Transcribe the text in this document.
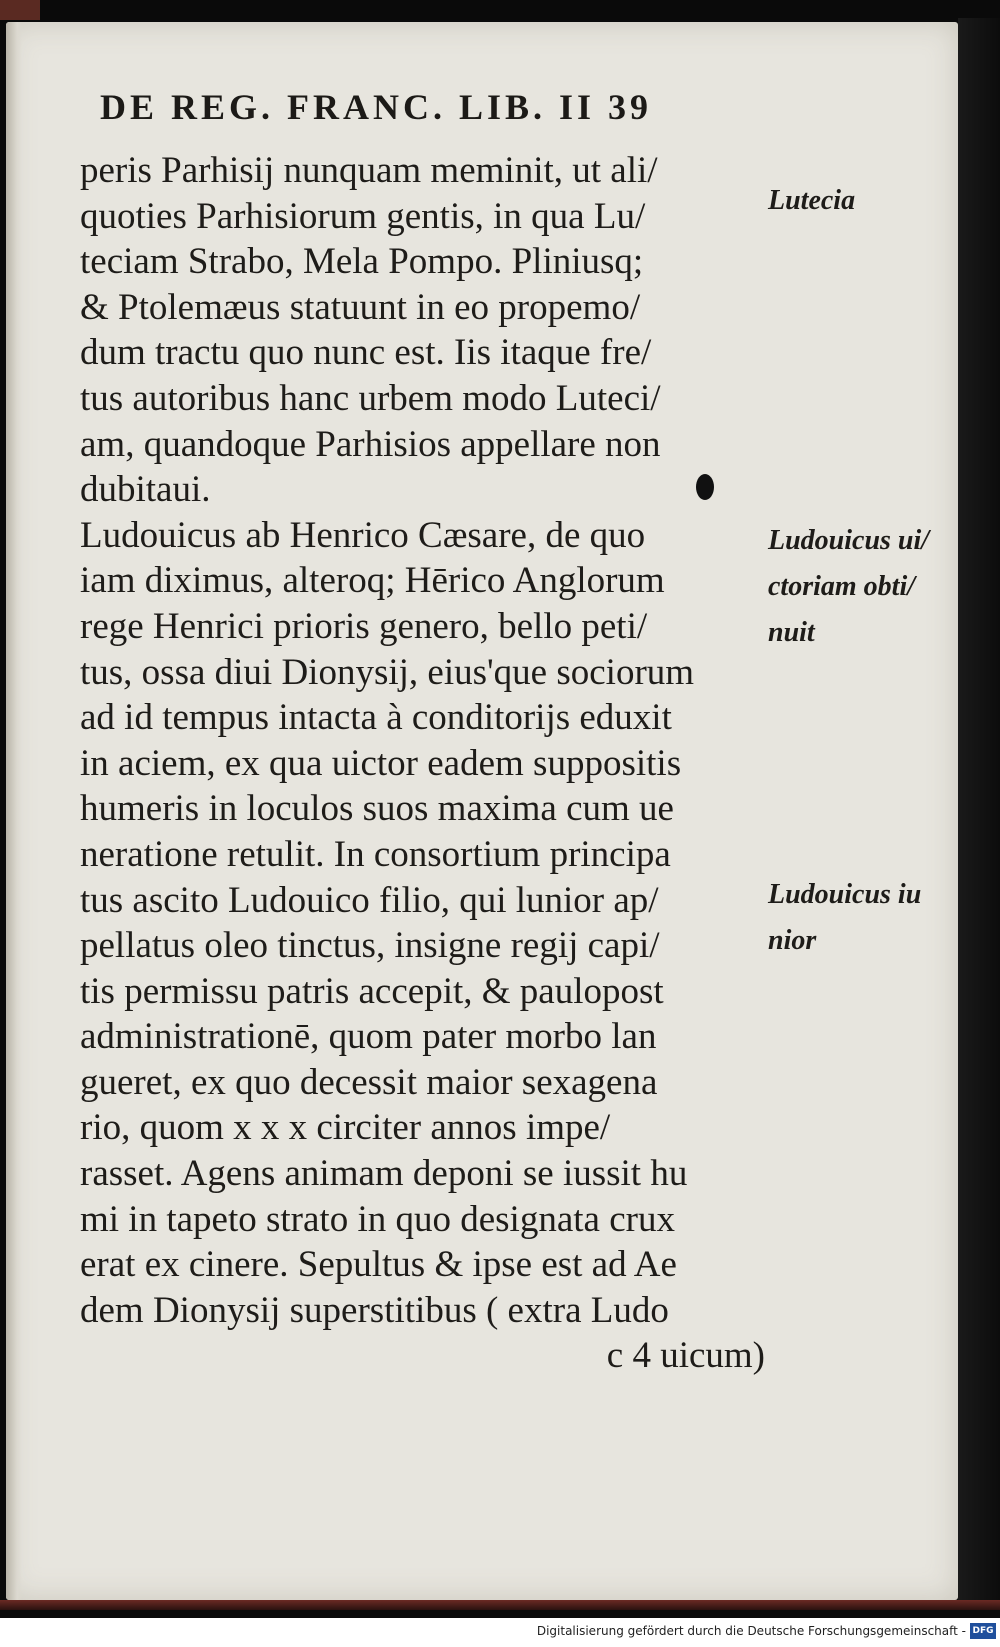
DE REG. FRANC. LIB. II 39
peris Parhisij nunquam meminit, ut ali/
quoties Parhisiorum gentis, in qua Lu/
teciam Strabo, Mela Pompo. Pliniusq;
& Ptolemæus statuunt in eo propemo/
dum tractu quo nunc est. Iis itaque fre/
tus autoribus hanc urbem modo Luteci/
am, quandoque Parhisios appellare non
dubitaui.
Ludouicus ab Henrico Cæsare, de quo
iam diximus, alteroq; Hērico Anglorum
rege Henrici prioris genero, bello peti/
tus, ossa diui Dionysij, eius'que sociorum
ad id tempus intacta à conditorijs eduxit
in aciem, ex qua uictor eadem suppositis
humeris in loculos suos maxima cum ue
neratione retulit. In consortium principa
tus ascito Ludouico filio, qui lunior ap/
pellatus oleo tinctus, insigne regij capi/
tis permissu patris accepit, & paulopost
administrationē, quom pater morbo lan
gueret, ex quo decessit maior sexagena
rio, quom x x x circiter annos impe/
rasset. Agens animam deponi se iussit hu
mi in tapeto strato in quo designata crux
erat ex cinere. Sepultus & ipse est ad Ae
dem Dionysij superstitibus ( extra Ludo
c 4 uicum)
Lutecia
Ludouicus ui/
ctoriam obti/
nuit
Ludouicus iu
nior
Digitalisierung gefördert durch die Deutsche Forschungsgemeinschaft - DFG
